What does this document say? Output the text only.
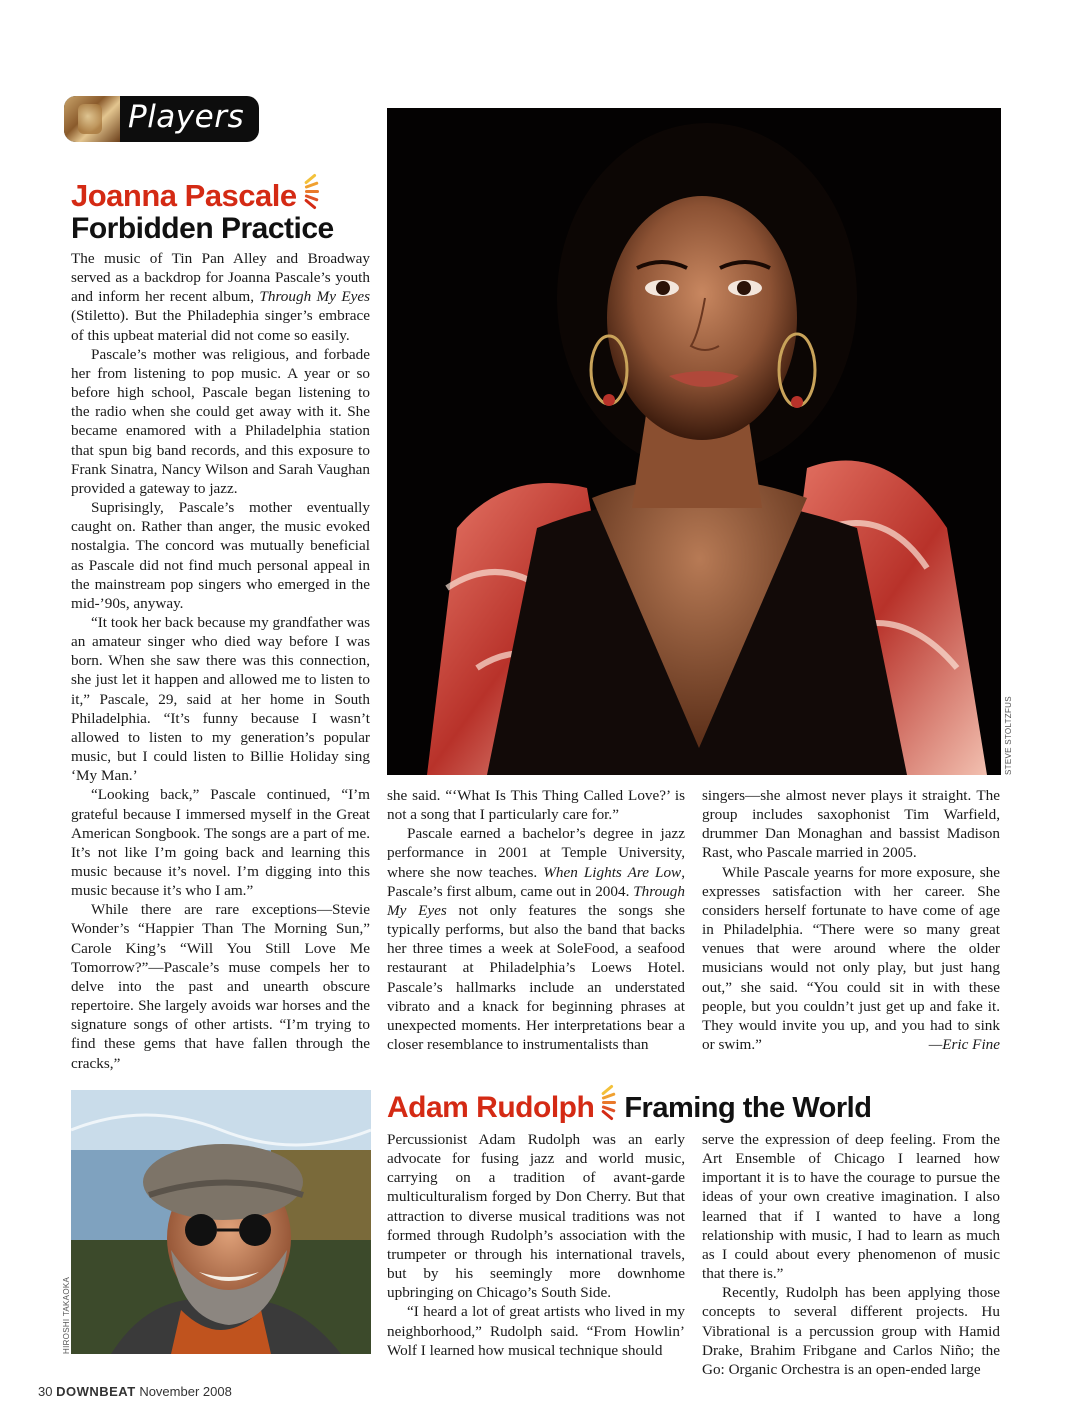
Players
Joanna Pascale
Forbidden Practice

The music of Tin Pan Alley and Broadway served as a backdrop for Joanna Pascale’s youth and inform her recent album, Through My Eyes (Stiletto). But the Philadephia singer’s embrace of this upbeat material did not come so easily.

Pascale’s mother was religious, and forbade her from listening to pop music. A year or so before high school, Pascale began listening to the radio when she could get away with it. She became enamored with a Philadelphia station that spun big band records, and this exposure to Frank Sinatra, Nancy Wilson and Sarah Vaughan provided a gateway to jazz.

Suprisingly, Pascale’s mother eventually caught on. Rather than anger, the music evoked nostalgia. The concord was mutually beneficial as Pascale did not find much personal appeal in the mainstream pop singers who emerged in the mid-’90s, anyway.

“It took her back because my grandfather was an amateur singer who died way before I was born. When she saw there was this connection, she just let it happen and allowed me to listen to it,” Pascale, 29, said at her home in South Philadelphia. “It’s funny because I wasn’t allowed to listen to my generation’s popular music, but I could listen to Billie Holiday sing ‘My Man.’

“Looking back,” Pascale continued, “I’m grateful because I immersed myself in the Great American Songbook. The songs are a part of me. It’s not like I’m going back and learning this music because it’s novel. I’m digging into this music because it’s who I am.”

While there are rare exceptions—Stevie Wonder’s “Happier Than The Morning Sun,” Carole King’s “Will You Still Love Me Tomorrow?”—Pascale’s muse compels her to delve into the past and unearth obscure repertoire. She largely avoids war horses and the signature songs of other artists. “I’m trying to find these gems that have fallen through the cracks,”

STEVE STOLTZFUS

she said. “‘What Is This Thing Called Love?’ is not a song that I particularly care for.”

Pascale earned a bachelor’s degree in jazz performance in 2001 at Temple University, where she now teaches. When Lights Are Low, Pascale’s first album, came out in 2004. Through My Eyes not only features the songs she typically performs, but also the band that backs her three times a week at SoleFood, a seafood restaurant at Philadelphia’s Loews Hotel. Pascale’s hallmarks include an understated vibrato and a knack for beginning phrases at unexpected moments. Her interpretations bear a closer resemblance to instrumentalists than

singers—she almost never plays it straight. The group includes saxophonist Tim Warfield, drummer Dan Monaghan and bassist Madison Rast, who Pascale married in 2005.

While Pascale yearns for more exposure, she expresses satisfaction with her career. She considers herself fortunate to have come of age in Philadelphia. “There were so many great venues that were around where the older musicians would not only play, but just hang out,” she said. “You could sit in with these people, but you couldn’t just get up and fake it. They would invite you up, and you had to sink or swim.”	—Eric Fine
HIROSHI TAKAOKA
Adam Rudolph Framing the World

Percussionist Adam Rudolph was an early advocate for fusing jazz and world music, carrying on a tradition of avant-garde multiculturalism forged by Don Cherry. But that attraction to diverse musical traditions was not formed through Rudolph’s association with the trumpeter or through his international travels, but by his seemingly more downhome upbringing on Chicago’s South Side.

“I heard a lot of great artists who lived in my neighborhood,” Rudolph said. “From Howlin’ Wolf I learned how musical technique should

serve the expression of deep feeling. From the Art Ensemble of Chicago I learned how important it is to have the courage to pursue the ideas of your own creative imagination. I also learned that if I wanted to have a long relationship with music, I had to learn as much as I could about every phenomenon of music that there is.”

Recently, Rudolph has been applying those concepts to several different projects. Hu Vibrational is a percussion group with Hamid Drake, Brahim Fribgane and Carlos Niño; the Go: Organic Orchestra is an open-ended large

30 DOWNBEAT November 2008
